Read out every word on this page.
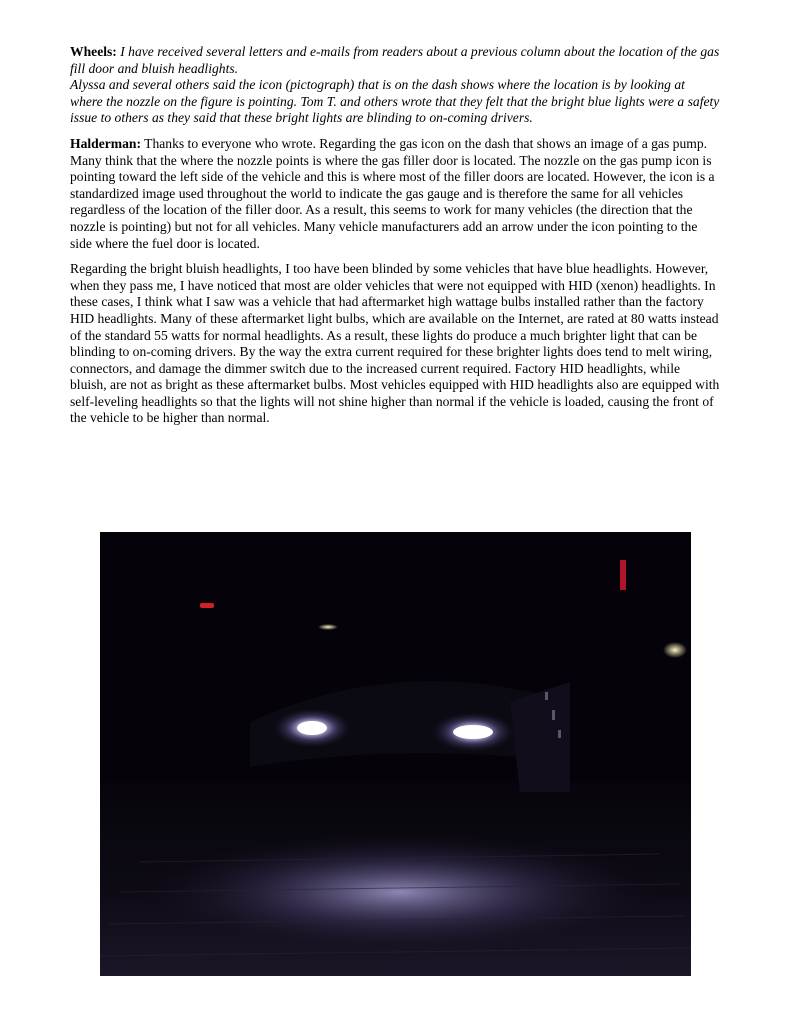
Wheels: I have received several letters and e-mails from readers about a previous column about the location of the gas fill door and bluish headlights.
Alyssa and several others said the icon (pictograph) that is on the dash shows where the location is by looking at where the nozzle on the figure is pointing. Tom T. and others wrote that they felt that the bright blue lights were a safety issue to others as they said that these bright lights are blinding to on-coming drivers.

Halderman: Thanks to everyone who wrote. Regarding the gas icon on the dash that shows an image of a gas pump. Many think that the where the nozzle points is where the gas filler door is located. The nozzle on the gas pump icon is pointing toward the left side of the vehicle and this is where most of the filler doors are located. However, the icon is a standardized image used throughout the world to indicate the gas gauge and is therefore the same for all vehicles regardless of the location of the filler door. As a result, this seems to work for many vehicles (the direction that the nozzle is pointing) but not for all vehicles. Many vehicle manufacturers add an arrow under the icon pointing to the side where the fuel door is located.

Regarding the bright bluish headlights, I too have been blinded by some vehicles that have blue headlights. However, when they pass me, I have noticed that most are older vehicles that were not equipped with HID (xenon) headlights. In these cases, I think what I saw was a vehicle that had aftermarket high wattage bulbs installed rather than the factory HID headlights. Many of these aftermarket light bulbs, which are available on the Internet, are rated at 80 watts instead of the standard 55 watts for normal headlights. As a result, these lights do produce a much brighter light that can be blinding to on-coming drivers. By the way the extra current required for these brighter lights does tend to melt wiring, connectors, and damage the dimmer switch due to the increased current required. Factory HID headlights, while bluish, are not as bright as these aftermarket bulbs. Most vehicles equipped with HID headlights also are equipped with self-leveling headlights so that the lights will not shine higher than normal if the vehicle is loaded, causing the front of the vehicle to be higher than normal.
